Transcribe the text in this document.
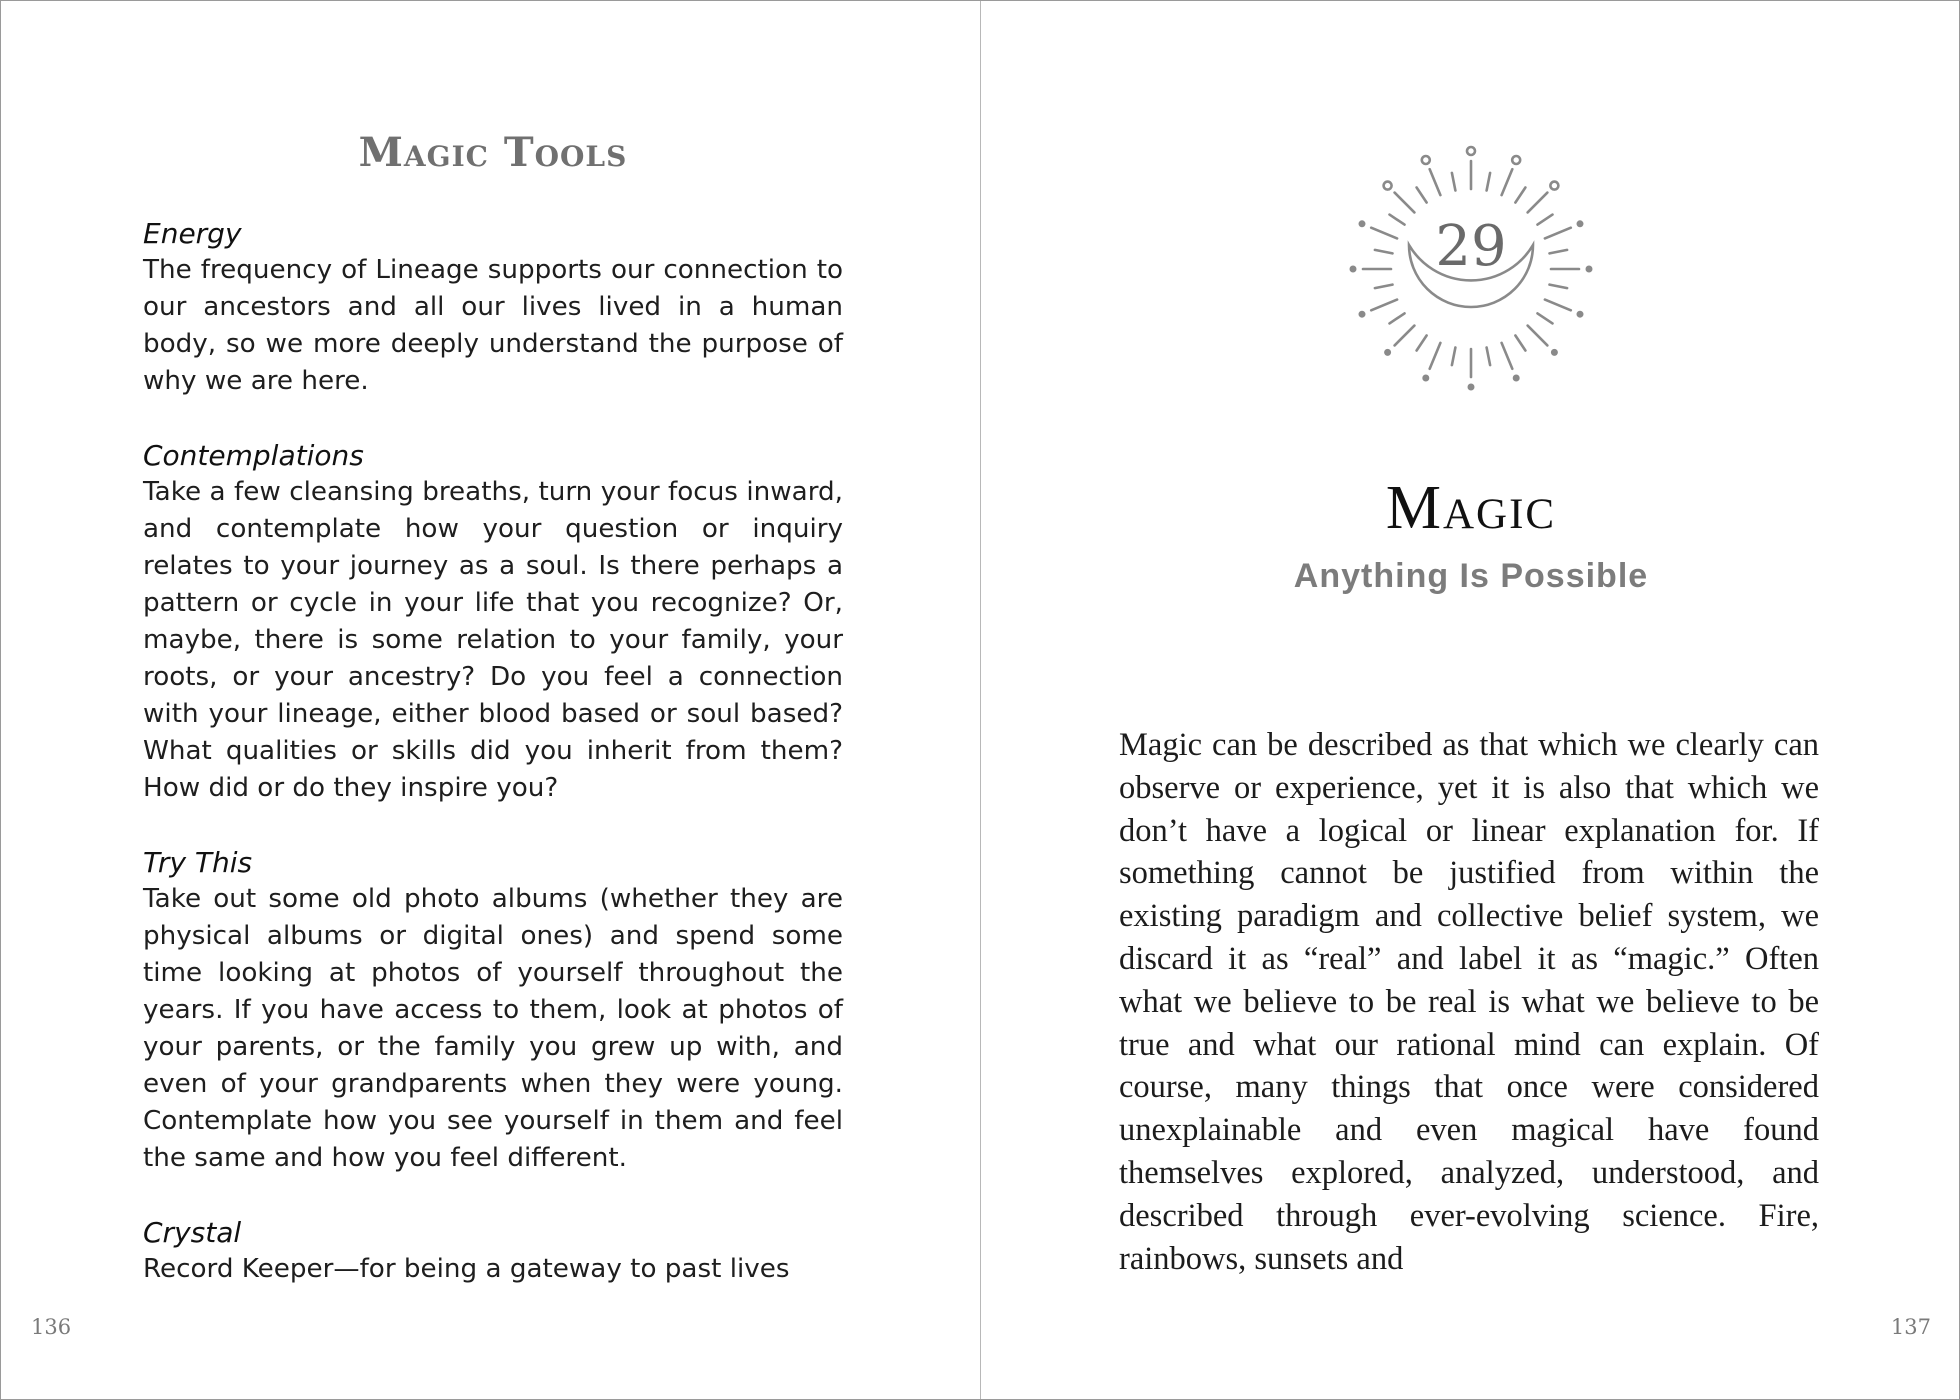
Magic Tools
Energy
The frequency of Lineage supports our connection to our ancestors and all our lives lived in a human body, so we more deeply understand the purpose of why we are here.
Contemplations
Take a few cleansing breaths, turn your focus inward, and contemplate how your question or inquiry relates to your journey as a soul. Is there perhaps a pattern or cycle in your life that you recognize? Or, maybe, there is some relation to your family, your roots, or your ancestry? Do you feel a connection with your lineage, either blood based or soul based? What qualities or skills did you inherit from them? How did or do they inspire you?
Try This
Take out some old photo albums (whether they are physical albums or digital ones) and spend some time looking at photos of yourself throughout the years. If you have access to them, look at photos of your parents, or the family you grew up with, and even of your grandparents when they were young. Contemplate how you see yourself in them and feel the same and how you feel different.
Crystal
Record Keeper—for being a gateway to past lives
136
29
Magic
Anything Is Possible

Magic can be described as that which we clearly can observe or experience, yet it is also that which we don’t have a logical or linear explanation for. If something cannot be justified from within the existing paradigm and collective belief system, we discard it as “real” and label it as “magic.” Often what we believe to be real is what we believe to be true and what our rational mind can explain. Of course, many things that once were considered unexplainable and even magical have found themselves explored, analyzed, understood, and described through ever-evolving science. Fire, rainbows, sunsets and

137
